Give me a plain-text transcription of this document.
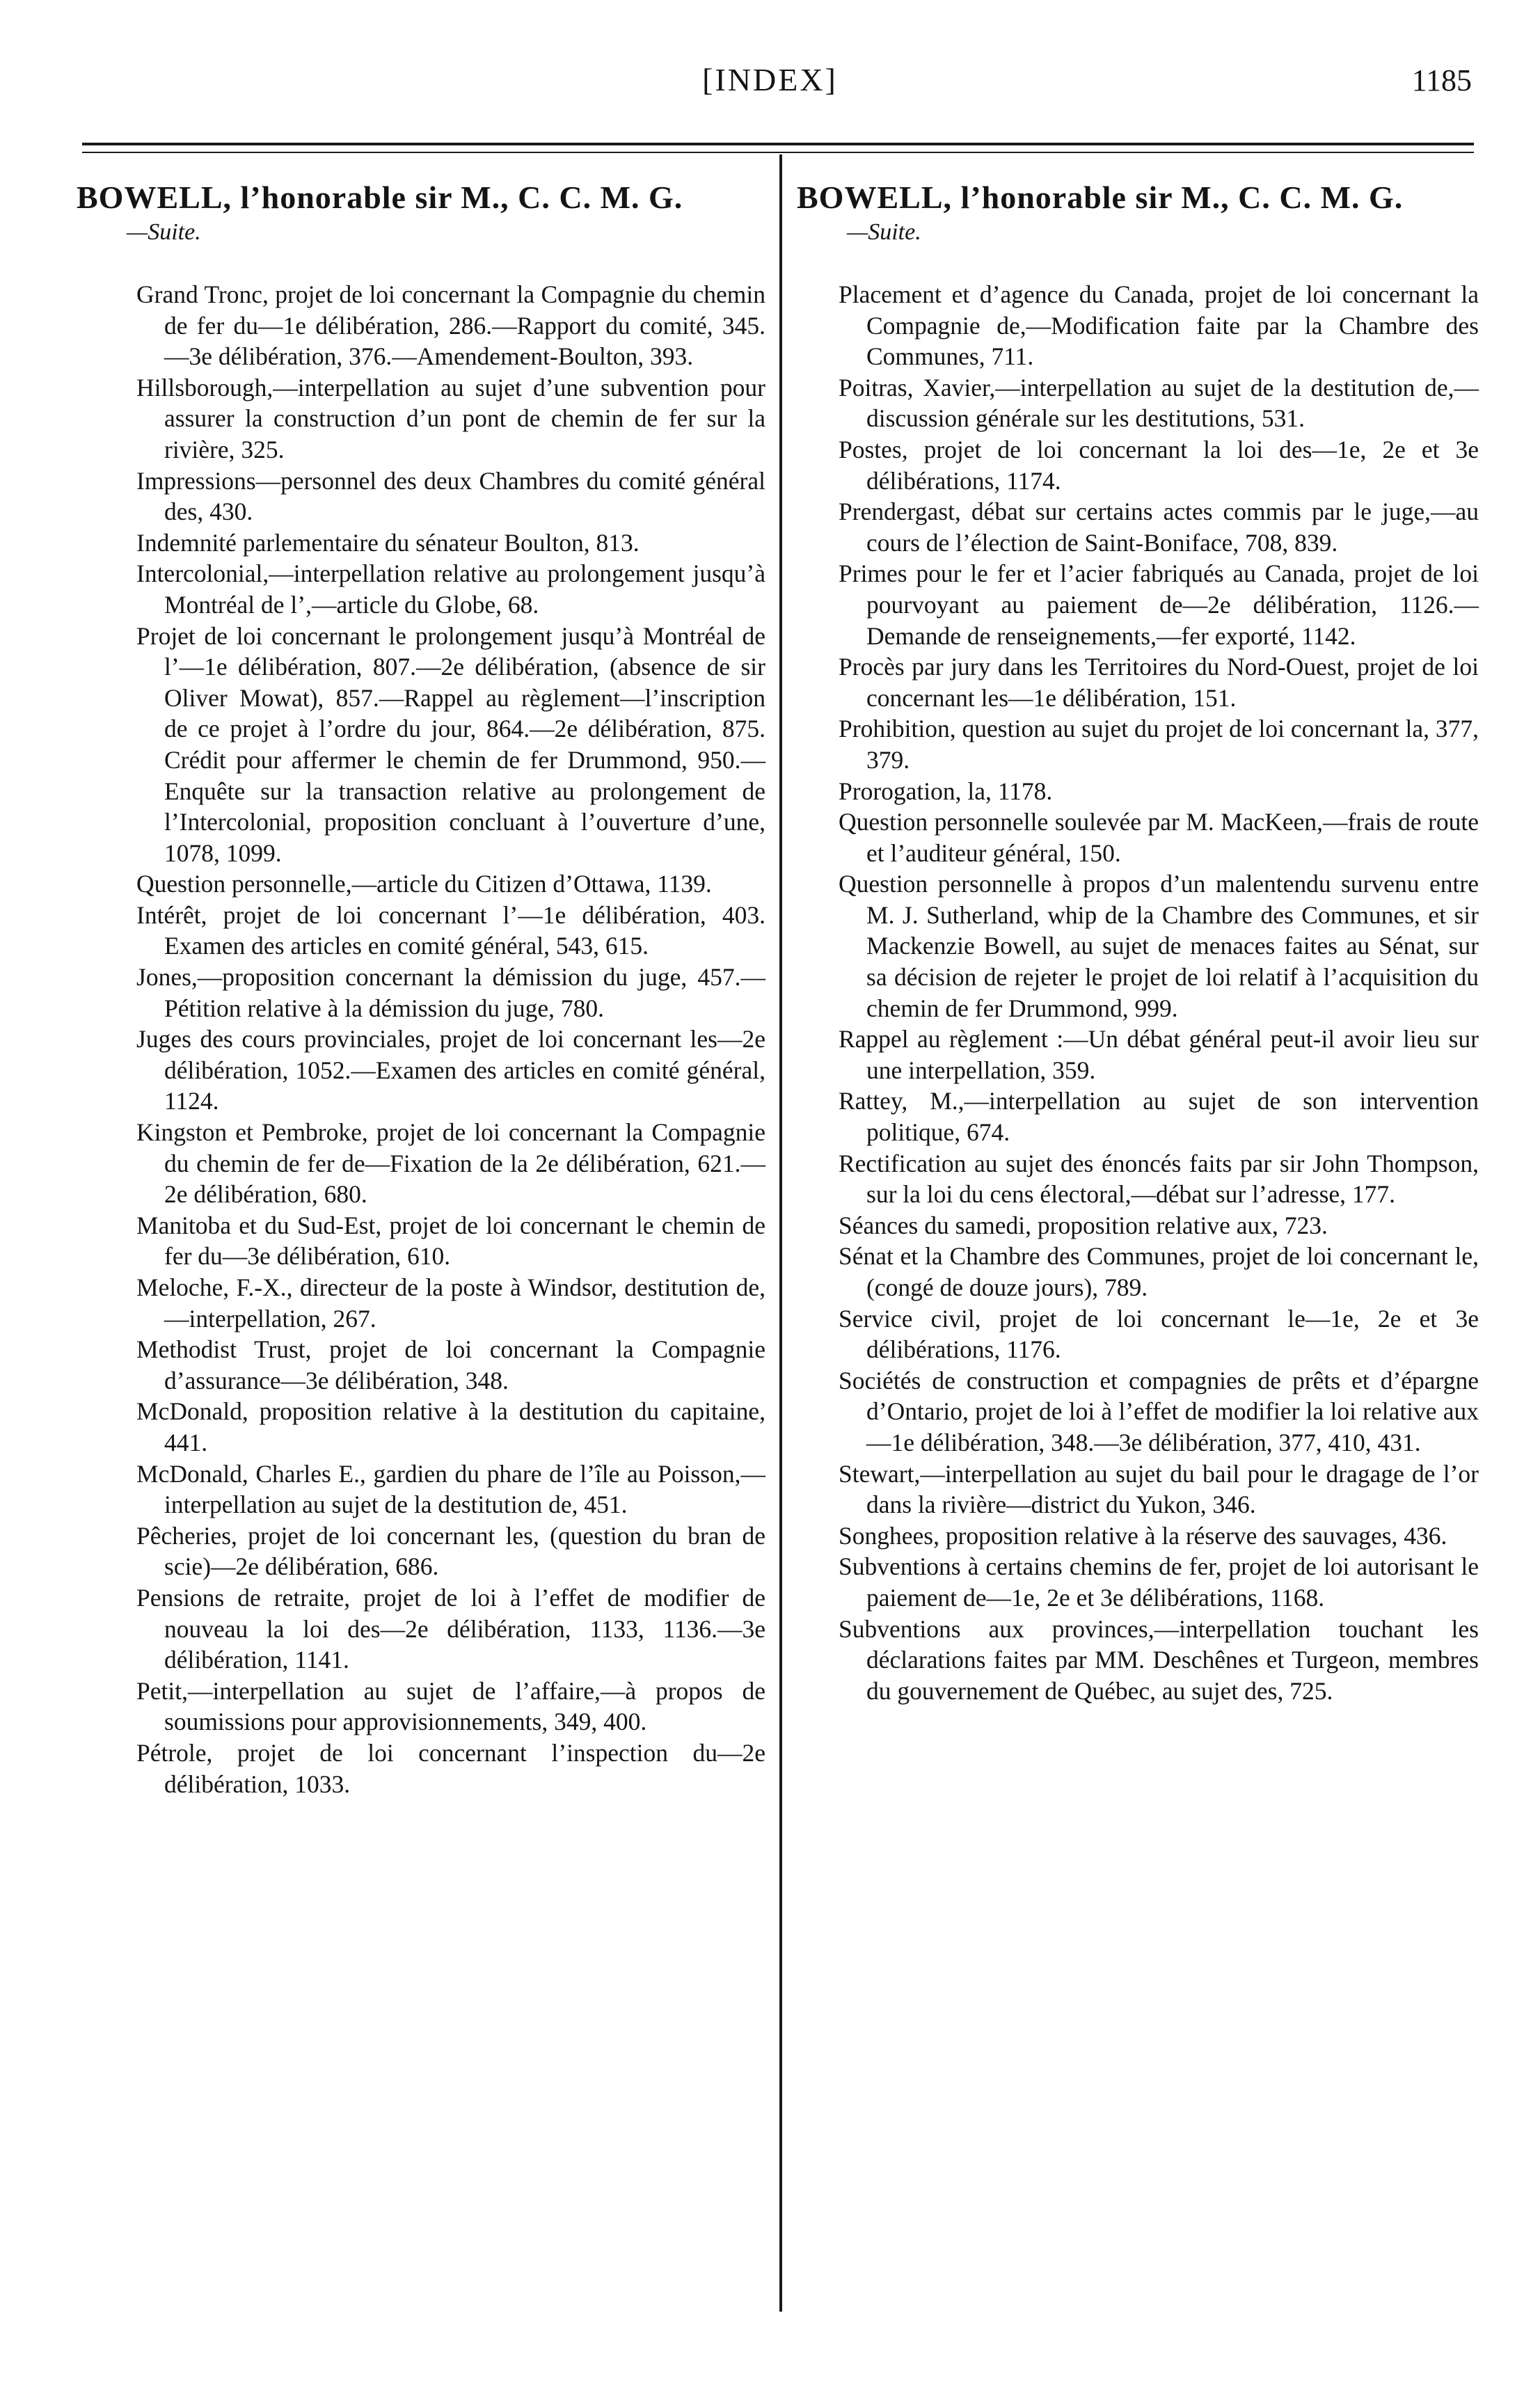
[INDEX]	1185
BOWELL, l’honorable sir M., C. C. M. G.
—Suite.

Grand Tronc, projet de loi concernant la Compagnie du chemin de fer du—1e délibération, 286.—Rapport du comité, 345.—3e délibération, 376.—Amendement-Boulton, 393.

Hillsborough,—interpellation au sujet d’une subvention pour assurer la construction d’un pont de chemin de fer sur la rivière, 325.

Impressions—personnel des deux Chambres du comité général des, 430.

Indemnité parlementaire du sénateur Boulton, 813.

Intercolonial,—interpellation relative au prolongement jusqu’à Montréal de l’,—article du Globe, 68.

Projet de loi concernant le prolongement jusqu’à Montréal de l’—1e délibération, 807.—2e délibération, (absence de sir Oliver Mowat), 857.—Rappel au règlement—l’inscription de ce projet à l’ordre du jour, 864.—2e délibération, 875. Crédit pour affermer le chemin de fer Drummond, 950.—Enquête sur la transaction relative au prolongement de l’Intercolonial, proposition concluant à l’ouverture d’une, 1078, 1099.

Question personnelle,—article du Citizen d’Ottawa, 1139.

Intérêt, projet de loi concernant l’—1e délibération, 403. Examen des articles en comité général, 543, 615.

Jones,—proposition concernant la démission du juge, 457.—Pétition relative à la démission du juge, 780.

Juges des cours provinciales, projet de loi concernant les—2e délibération, 1052.—Examen des articles en comité général, 1124.

Kingston et Pembroke, projet de loi concernant la Compagnie du chemin de fer de—Fixation de la 2e délibération, 621.—2e délibération, 680.

Manitoba et du Sud-Est, projet de loi concernant le chemin de fer du—3e délibération, 610.

Meloche, F.-X., directeur de la poste à Windsor, destitution de,—interpellation, 267.

Methodist Trust, projet de loi concernant la Compagnie d’assurance—3e délibération, 348.

McDonald, proposition relative à la destitution du capitaine, 441.

McDonald, Charles E., gardien du phare de l’île au Poisson,—interpellation au sujet de la destitution de, 451.

Pêcheries, projet de loi concernant les, (question du bran de scie)—2e délibération, 686.

Pensions de retraite, projet de loi à l’effet de modifier de nouveau la loi des—2e délibération, 1133, 1136.—3e délibération, 1141.

Petit,—interpellation au sujet de l’affaire,—à propos de soumissions pour approvisionnements, 349, 400.

Pétrole, projet de loi concernant l’inspection du—2e délibération, 1033.

BOWELL, l’honorable sir M., C. C. M. G.
—Suite.

Placement et d’agence du Canada, projet de loi concernant la Compagnie de,—Modification faite par la Chambre des Communes, 711.

Poitras, Xavier,—interpellation au sujet de la destitution de,—discussion générale sur les destitutions, 531.

Postes, projet de loi concernant la loi des—1e, 2e et 3e délibérations, 1174.

Prendergast, débat sur certains actes commis par le juge,—au cours de l’élection de Saint-Boniface, 708, 839.

Primes pour le fer et l’acier fabriqués au Canada, projet de loi pourvoyant au paiement de—2e délibération, 1126.—Demande de renseignements,—fer exporté, 1142.

Procès par jury dans les Territoires du Nord-Ouest, projet de loi concernant les—1e délibération, 151.

Prohibition, question au sujet du projet de loi concernant la, 377, 379.

Prorogation, la, 1178.

Question personnelle soulevée par M. MacKeen,—frais de route et l’auditeur général, 150.

Question personnelle à propos d’un malentendu survenu entre M. J. Sutherland, whip de la Chambre des Communes, et sir Mackenzie Bowell, au sujet de menaces faites au Sénat, sur sa décision de rejeter le projet de loi relatif à l’acquisition du chemin de fer Drummond, 999.

Rappel au règlement :—Un débat général peut-il avoir lieu sur une interpellation, 359.

Rattey, M.,—interpellation au sujet de son intervention politique, 674.

Rectification au sujet des énoncés faits par sir John Thompson, sur la loi du cens électoral,—débat sur l’adresse, 177.

Séances du samedi, proposition relative aux, 723.

Sénat et la Chambre des Communes, projet de loi concernant le, (congé de douze jours), 789.

Service civil, projet de loi concernant le—1e, 2e et 3e délibérations, 1176.

Sociétés de construction et compagnies de prêts et d’épargne d’Ontario, projet de loi à l’effet de modifier la loi relative aux—1e délibération, 348.—3e délibération, 377, 410, 431.

Stewart,—interpellation au sujet du bail pour le dragage de l’or dans la rivière—district du Yukon, 346.

Songhees, proposition relative à la réserve des sauvages, 436.

Subventions à certains chemins de fer, projet de loi autorisant le paiement de—1e, 2e et 3e délibérations, 1168.

Subventions aux provinces,—interpellation touchant les déclarations faites par MM. Deschênes et Turgeon, membres du gouvernement de Québec, au sujet des, 725.
